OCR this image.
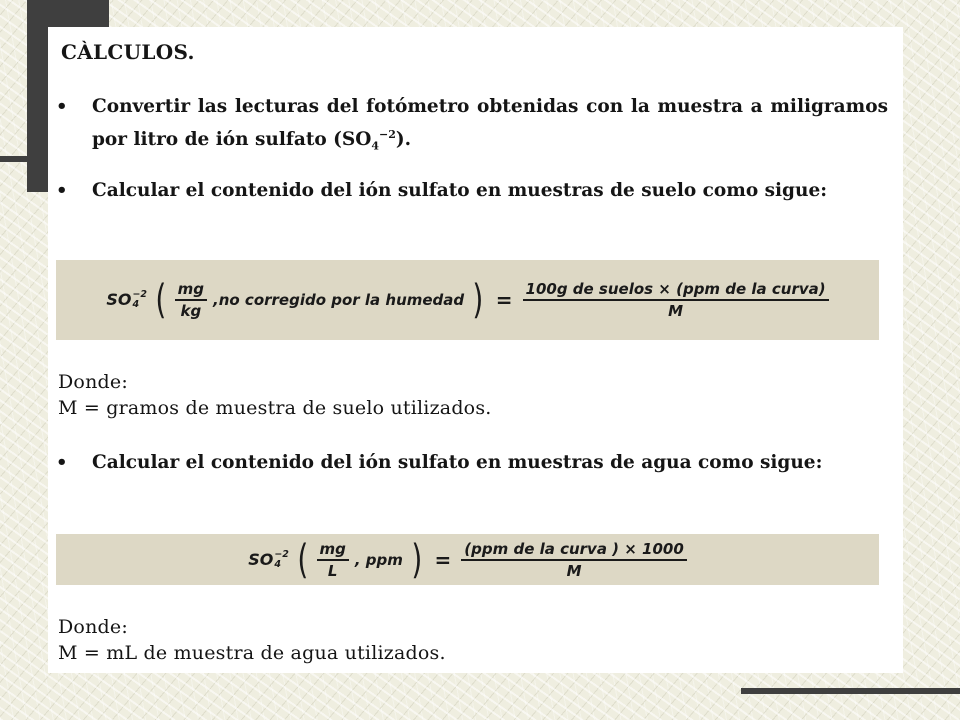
CÀLCULOS.
•	Convertir las lecturas del fotómetro obtenidas con la muestra a miligramos por litro de ión sulfato $(SO_4^{-2})$.
•	Calcular el contenido del ión sulfato en muestras de suelo como sigue:
SO −2
4 ( $\frac{mg}{kg} ,no$ corregido por la humedad ) = $\frac{\text{100g de suelos × (ppm de la curva)}}{M}$
Donde:
M = gramos de muestra de suelo utilizados.
•	Calcular el contenido del ión sulfato en muestras de agua como sigue:
SO −2
4 ( $\frac{mg}{L}$ , ppm ) = $\frac{\text{(ppm de la curva ) × 1000}}{M}$
Donde:
M = mL de muestra de agua utilizados.
